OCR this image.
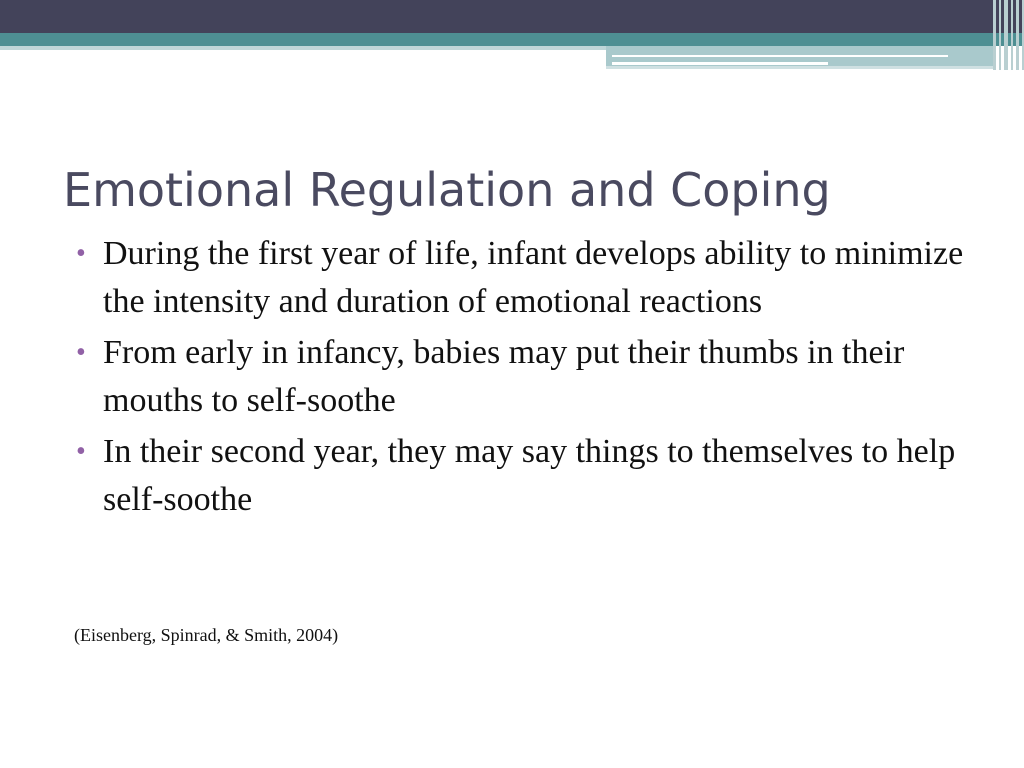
Emotional Regulation and Coping
• During the first year of life, infant develops ability to minimize the intensity and duration of emotional reactions
• From early in infancy, babies may put their thumbs in their mouths to self-soothe
• In their second year, they may say things to themselves to help self-soothe
(Eisenberg, Spinrad, & Smith, 2004)
